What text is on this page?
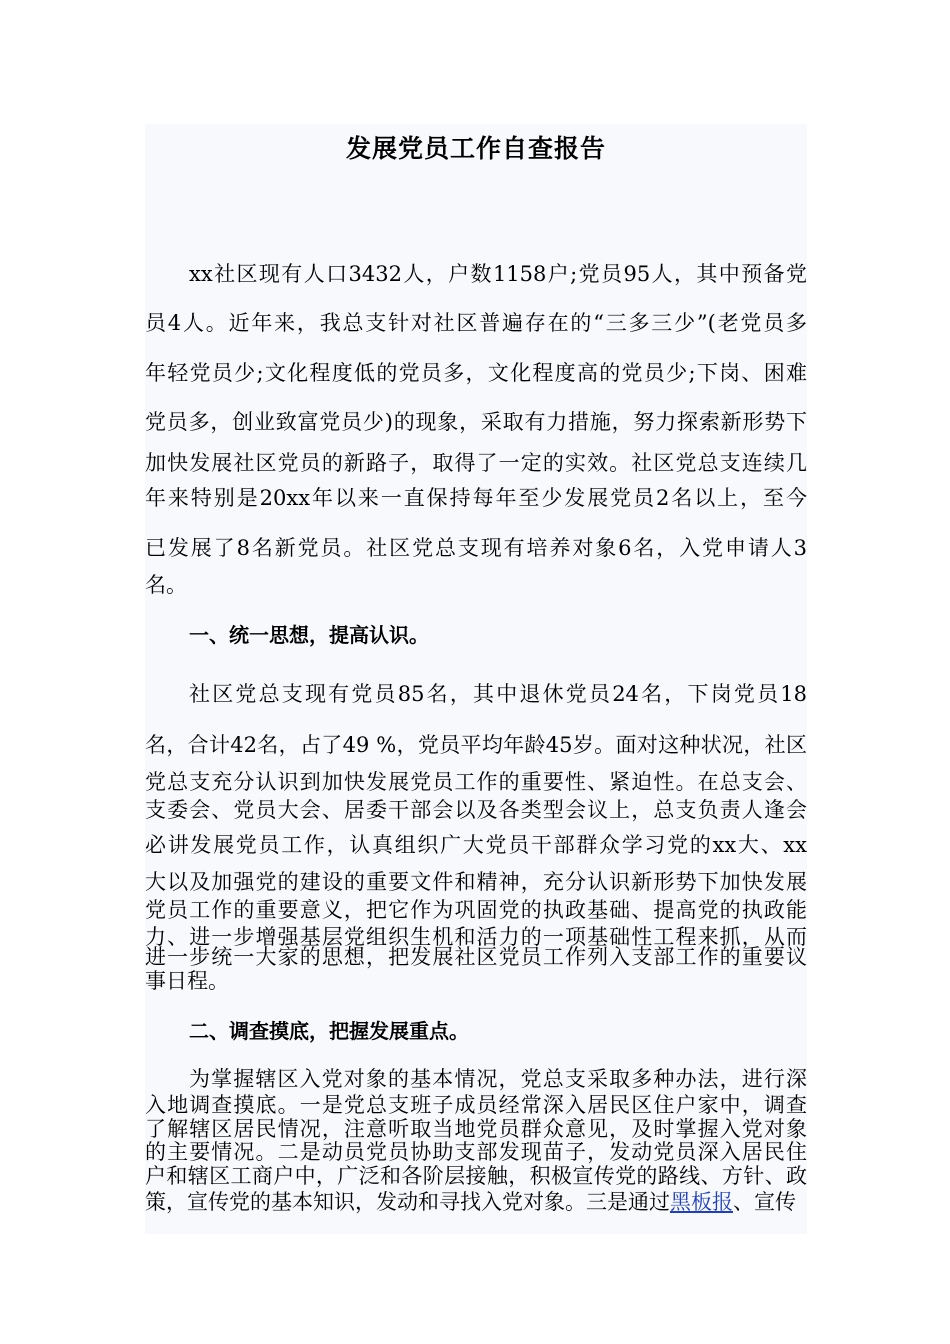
发展党员工作自查报告
xx社区现有人口3432人，户数1158户;党员95人，其中预备党
员4人。近年来，我总支针对社区普遍存在的“三多三少”(老党员多
年轻党员少;文化程度低的党员多，文化程度高的党员少;下岗、困难
党员多，创业致富党员少)的现象，采取有力措施，努力探索新形势下
加快发展社区党员的新路子，取得了一定的实效。社区党总支连续几
年来特别是20xx年以来一直保持每年至少发展党员2名以上，至今
已发展了8名新党员。社区党总支现有培养对象6名，入党申请人3
名。
一、统一思想，提高认识。
社区党总支现有党员85名，其中退休党员24名，下岗党员18
名，合计42名，占了49 %，党员平均年龄45岁。面对这种状况，社区
党总支充分认识到加快发展党员工作的重要性、紧迫性。在总支会、
支委会、党员大会、居委干部会以及各类型会议上，总支负责人逢会
必讲发展党员工作，认真组织广大党员干部群众学习党的xx大、xx
大以及加强党的建设的重要文件和精神，充分认识新形势下加快发展
党员工作的重要意义，把它作为巩固党的执政基础、提高党的执政能
力、进一步增强基层党组织生机和活力的一项基础性工程来抓，从而
进一步统一大家的思想，把发展社区党员工作列入支部工作的重要议
事日程。
二、调查摸底，把握发展重点。
为掌握辖区入党对象的基本情况，党总支采取多种办法，进行深
入地调查摸底。一是党总支班子成员经常深入居民区住户家中，调查
了解辖区居民情况，注意听取当地党员群众意见，及时掌握入党对象
的主要情况。二是动员党员协助支部发现苗子，发动党员深入居民住
户和辖区工商户中，广泛和各阶层接触，积极宣传党的路线、方针、政
策，宣传党的基本知识，发动和寻找入党对象。三是通过黑板报、宣传
